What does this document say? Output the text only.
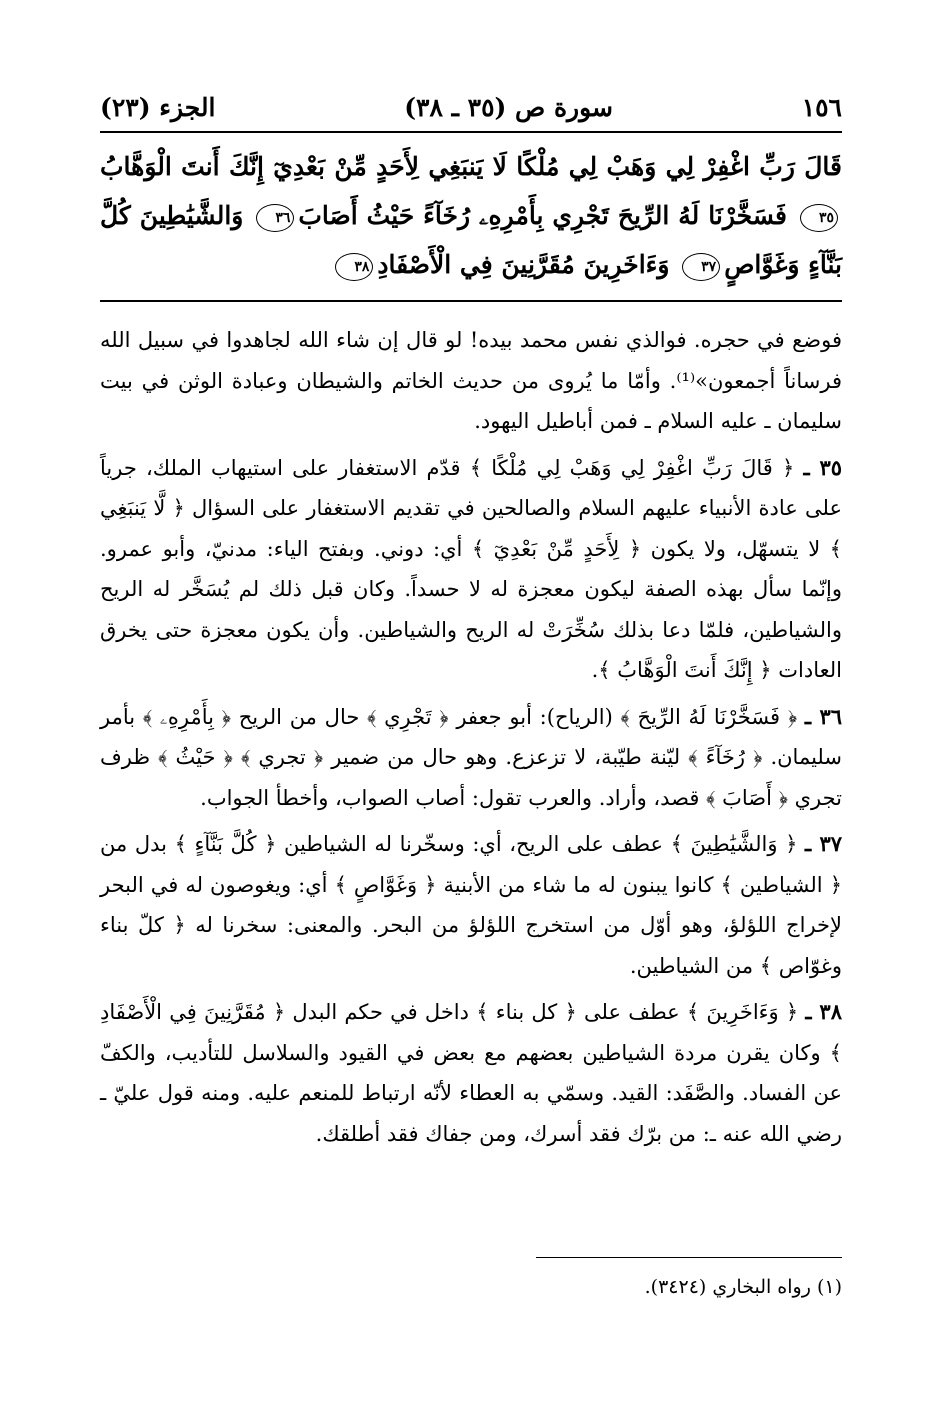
١٥٦
سورة ص (٣٥ ـ ٣٨)
الجزء (٢٣)
قَالَ رَبِّ اغْفِرْ لِي وَهَبْ لِي مُلْكًا لَا يَنبَغِي لِأَحَدٍ مِّنْ بَعْدِيٓ إِنَّكَ أَنتَ الْوَهَّابُ٣٥ فَسَخَّرْنَا لَهُ الرِّيحَ تَجْرِي بِأَمْرِهِۦ رُخَآءً حَيْثُ أَصَابَ٣٦ وَالشَّيَٰطِينَ كُلَّ بَنَّآءٍ وَغَوَّاصٍ٣٧ وَءَاخَرِينَ مُقَرَّنِينَ فِي الْأَصْفَادِ٣٨

فوضع في حجره. فوالذي نفس محمد بيده! لو قال إن شاء الله لجاهدوا في سبيل الله فرساناً أجمعون»⁽¹⁾. وأمّا ما يُروى من حديث الخاتم والشيطان وعبادة الوثن في بيت سليمان ـ عليه السلام ـ فمن أباطيل اليهود.

٣٥ ـ ﴿ قَالَ رَبِّ اغْفِرْ لِي وَهَبْ لِي مُلْكًا ﴾ قدّم الاستغفار على استيهاب الملك، جرياً على عادة الأنبياء عليهم السلام والصالحين في تقديم الاستغفار على السؤال ﴿ لَّا يَنبَغِي ﴾ لا يتسهّل، ولا يكون ﴿ لِأَحَدٍ مِّنْ بَعْدِيٓ ﴾ أي: دوني. وبفتح الياء: مدنيّ، وأبو عمرو. وإنّما سأل بهذه الصفة ليكون معجزة له لا حسداً. وكان قبل ذلك لم يُسَخَّر له الريح والشياطين، فلمّا دعا بذلك سُخِّرَتْ له الريح والشياطين. وأن يكون معجزة حتى يخرق العادات ﴿ إِنَّكَ أَنتَ الْوَهَّابُ ﴾.

٣٦ ـ ﴿ فَسَخَّرْنَا لَهُ الرِّيحَ ﴾ (الرياح): أبو جعفر ﴿ تَجْرِي ﴾ حال من الريح ﴿ بِأَمْرِهِۦ ﴾ بأمر سليمان. ﴿ رُخَآءً ﴾ ليّنة طيّبة، لا تزعزع. وهو حال من ضمير ﴿ تجري ﴾ ﴿ حَيْثُ ﴾ ظرف تجري ﴿ أَصَابَ ﴾ قصد، وأراد. والعرب تقول: أصاب الصواب، وأخطأ الجواب.

٣٧ ـ ﴿ وَالشَّيَٰطِينَ ﴾ عطف على الريح، أي: وسخّرنا له الشياطين ﴿ كُلَّ بَنَّآءٍ ﴾ بدل من ﴿ الشياطين ﴾ كانوا يبنون له ما شاء من الأبنية ﴿ وَغَوَّاصٍ ﴾ أي: ويغوصون له في البحر لإخراج اللؤلؤ، وهو أوّل من استخرج اللؤلؤ من البحر. والمعنى: سخرنا له ﴿ كلّ بناء وغوّاص ﴾ من الشياطين.

٣٨ ـ ﴿ وَءَاخَرِينَ ﴾ عطف على ﴿ كل بناء ﴾ داخل في حكم البدل ﴿ مُقَرَّنِينَ فِي الْأَصْفَادِ ﴾ وكان يقرن مردة الشياطين بعضهم مع بعض في القيود والسلاسل للتأديب، والكفّ عن الفساد. والصَّفَد: القيد. وسمّي به العطاء لأنّه ارتباط للمنعم عليه. ومنه قول عليّ ـ رضي الله عنه ـ: من برّك فقد أسرك، ومن جفاك فقد أطلقك.

(١) رواه البخاري (٣٤٢٤).
